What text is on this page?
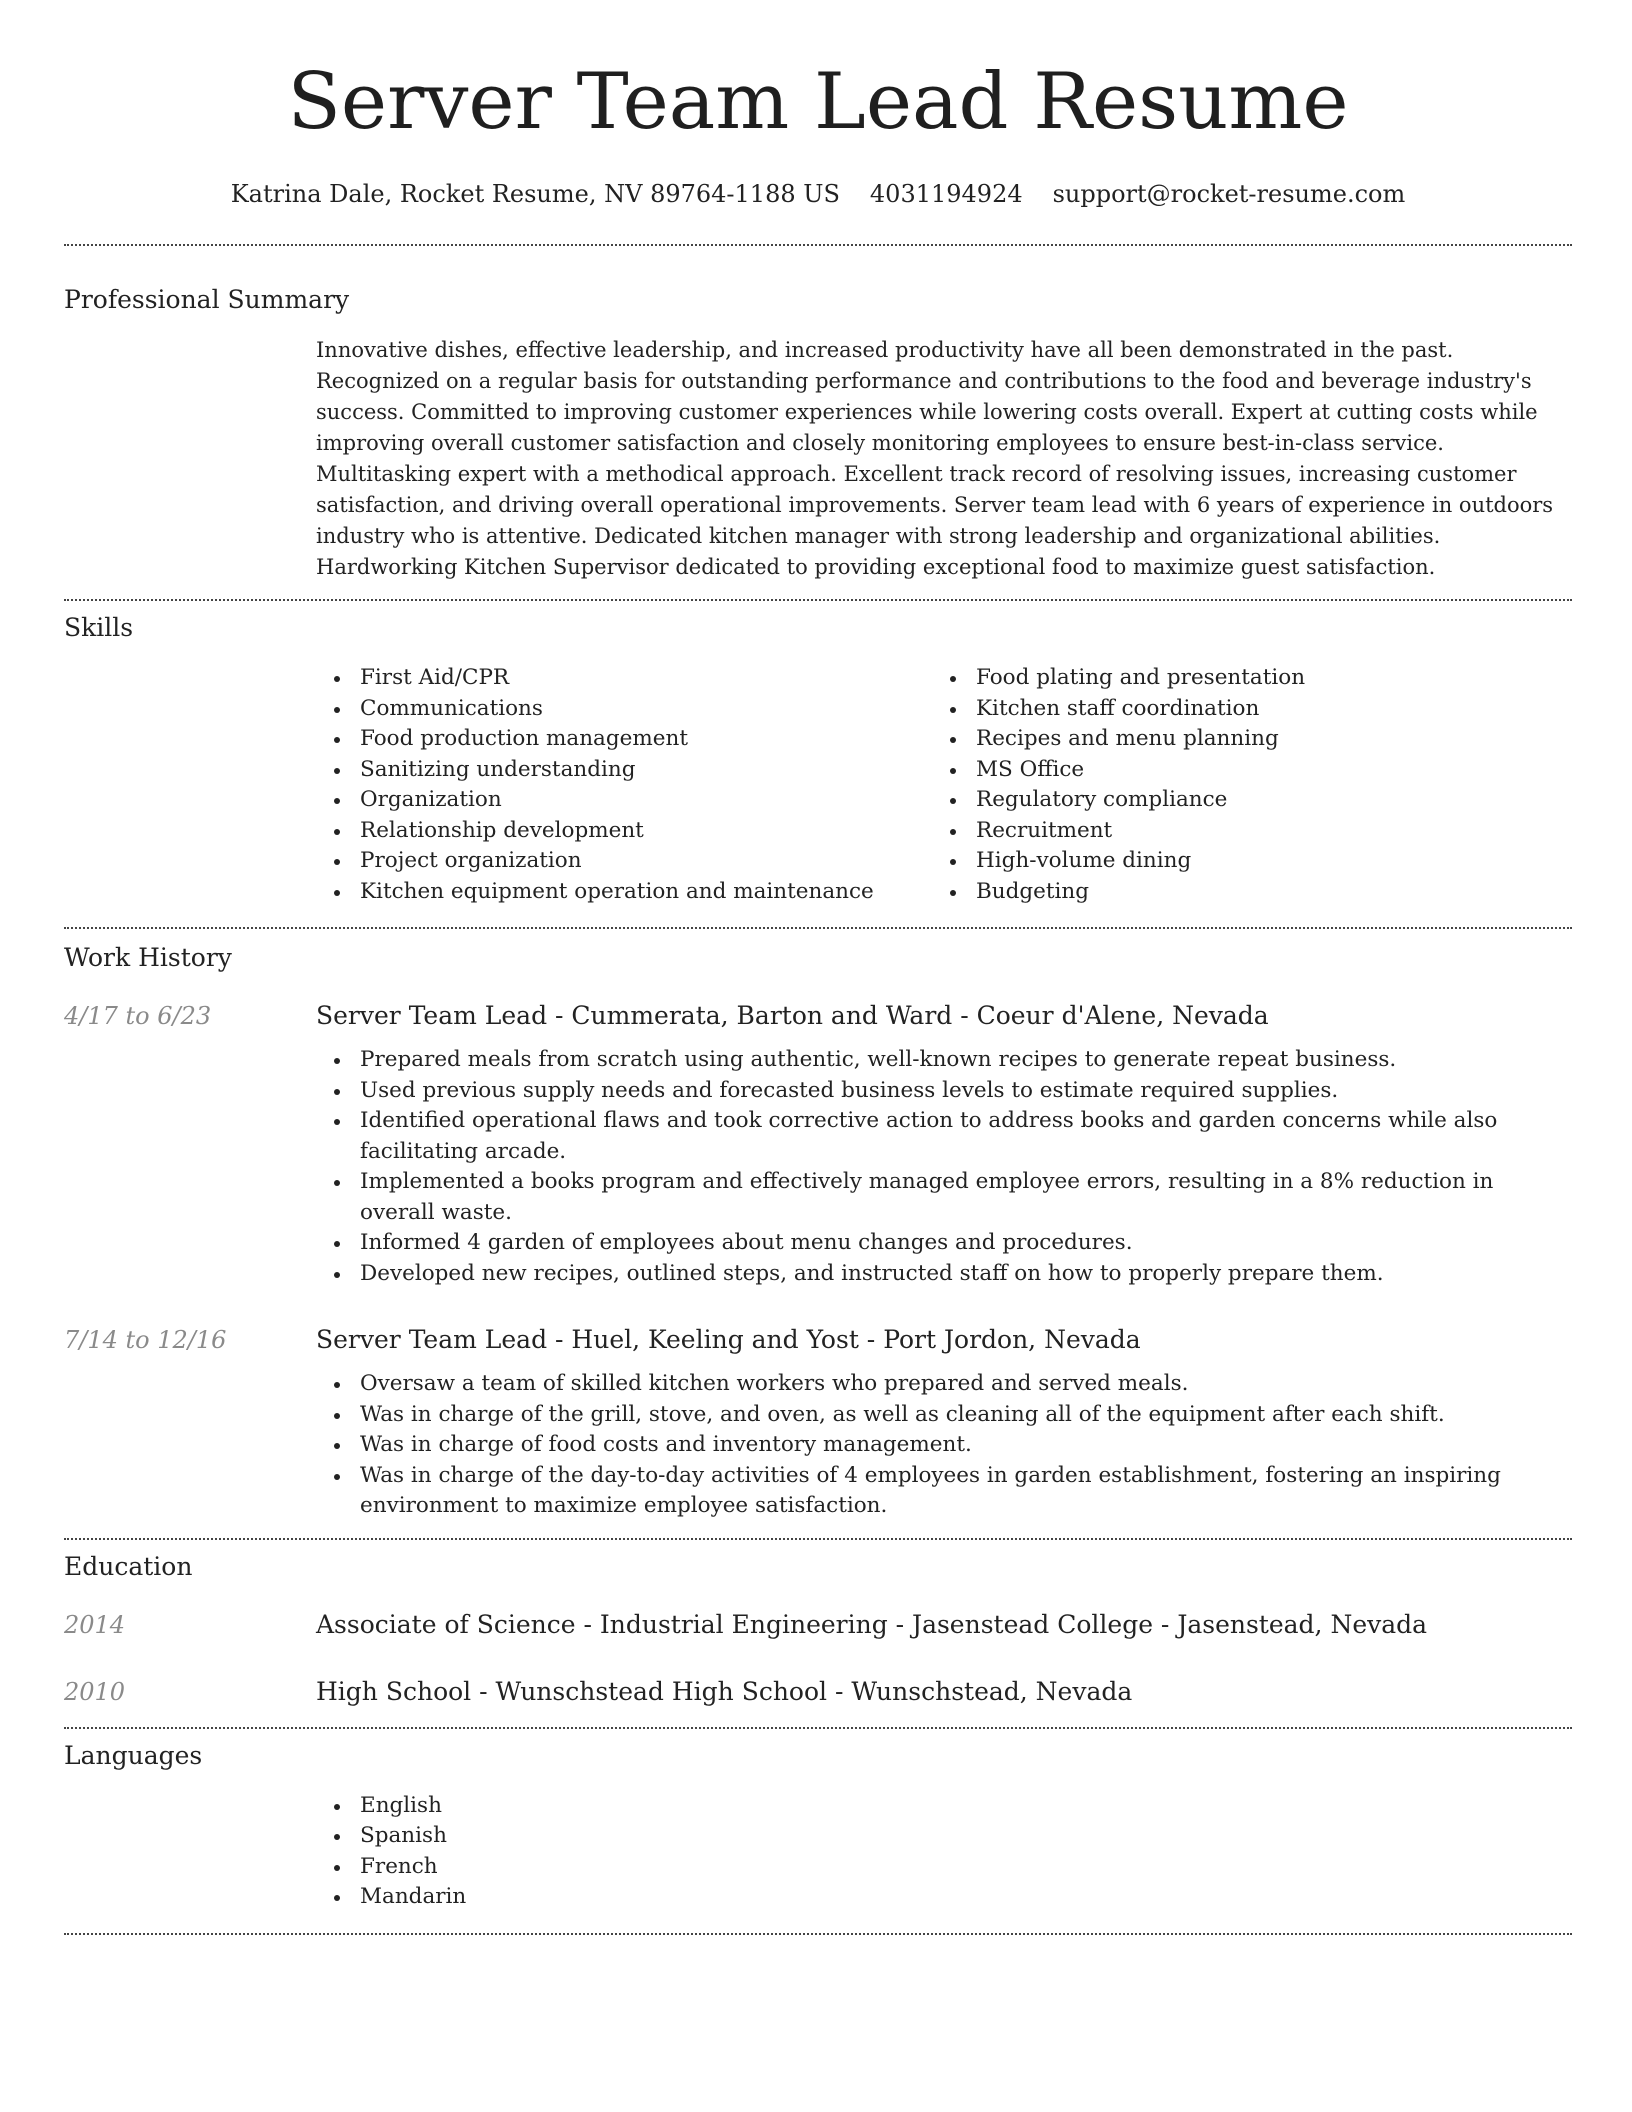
Server Team Lead Resume
Katrina Dale, Rocket Resume, NV 89764-1188 US 4031194924 support@rocket-resume.com
Professional Summary
Innovative dishes, effective leadership, and increased productivity have all been demonstrated in the past. Recognized on a regular basis for outstanding performance and contributions to the food and beverage industry's success. Committed to improving customer experiences while lowering costs overall. Expert at cutting costs while improving overall customer satisfaction and closely monitoring employees to ensure best-in-class service. Multitasking expert with a methodical approach. Excellent track record of resolving issues, increasing customer satisfaction, and driving overall operational improvements. Server team lead with 6 years of experience in outdoors industry who is attentive. Dedicated kitchen manager with strong leadership and organizational abilities. Hardworking Kitchen Supervisor dedicated to providing exceptional food to maximize guest satisfaction.
Skills
First Aid/CPR
Communications
Food production management
Sanitizing understanding
Organization
Relationship development
Project organization
Kitchen equipment operation and maintenance
Food plating and presentation
Kitchen staff coordination
Recipes and menu planning
MS Office
Regulatory compliance
Recruitment
High-volume dining
Budgeting
Work History
4/17 to 6/23	Server Team Lead - Cummerata, Barton and Ward - Coeur d'Alene, Nevada
Prepared meals from scratch using authentic, well-known recipes to generate repeat business.
Used previous supply needs and forecasted business levels to estimate required supplies.
Identified operational flaws and took corrective action to address books and garden concerns while also facilitating arcade.
Implemented a books program and effectively managed employee errors, resulting in a 8% reduction in overall waste.
Informed 4 garden of employees about menu changes and procedures.
Developed new recipes, outlined steps, and instructed staff on how to properly prepare them.
7/14 to 12/16	Server Team Lead - Huel, Keeling and Yost - Port Jordon, Nevada
Oversaw a team of skilled kitchen workers who prepared and served meals.
Was in charge of the grill, stove, and oven, as well as cleaning all of the equipment after each shift.
Was in charge of food costs and inventory management.
Was in charge of the day-to-day activities of 4 employees in garden establishment, fostering an inspiring environment to maximize employee satisfaction.
Education
2014	Associate of Science - Industrial Engineering - Jasenstead College - Jasenstead, Nevada
2010	High School - Wunschstead High School - Wunschstead, Nevada
Languages
English
Spanish
French
Mandarin
